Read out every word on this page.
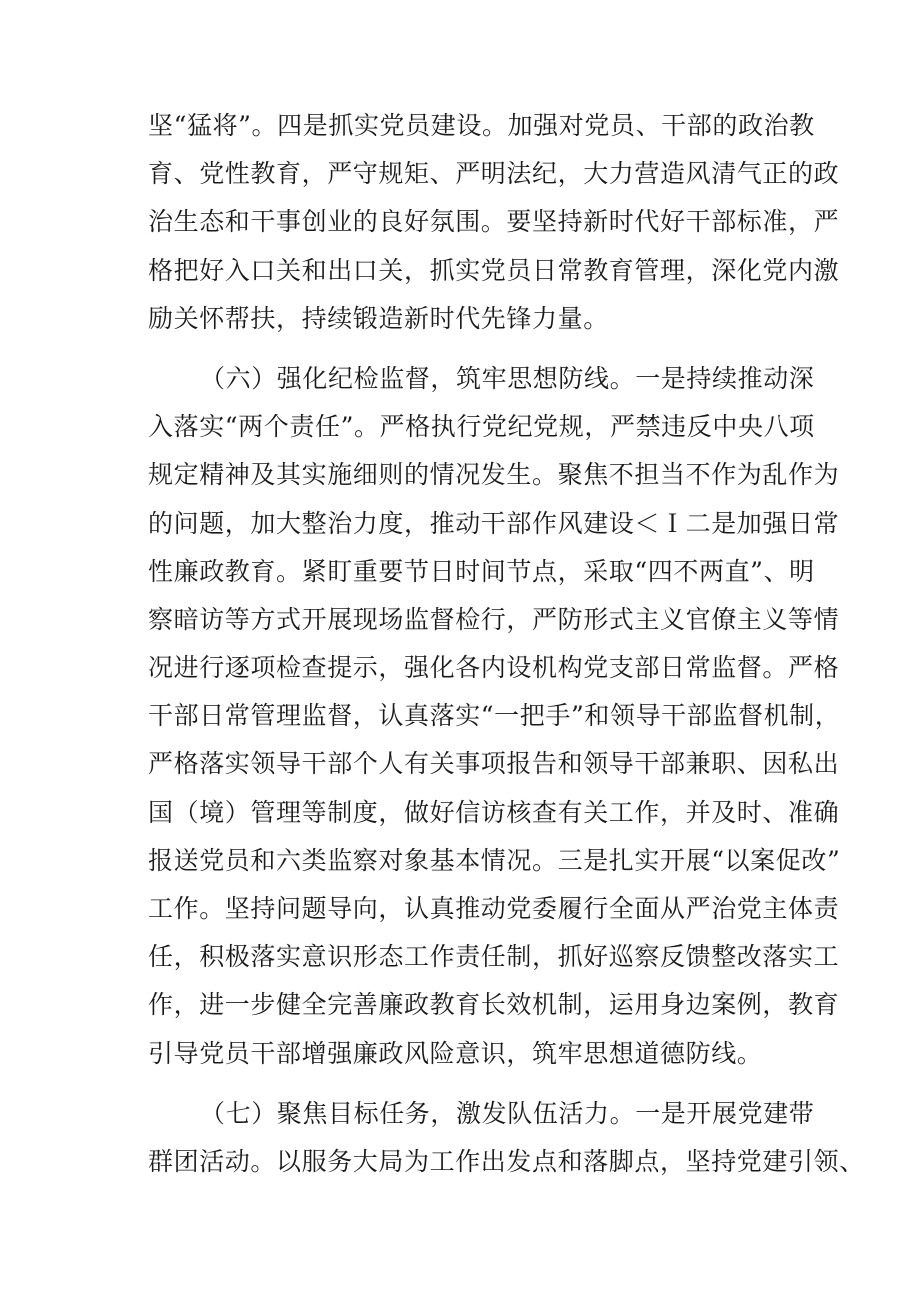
坚“猛将”。四是抓实党员建设。加强对党员、干部的政治教
育、党性教育，严守规矩、严明法纪，大力营造风清气正的政
治生态和干事创业的良好氛围。要坚持新时代好干部标准，严
格把好入口关和出口关，抓实党员日常教育管理，深化党内激
励关怀帮扶，持续锻造新时代先锋力量。
（六）强化纪检监督，筑牢思想防线。一是持续推动深
入落实“两个责任”。严格执行党纪党规，严禁违反中央八项
规定精神及其实施细则的情况发生。聚焦不担当不作为乱作为
的问题，加大整治力度，推动干部作风建设＜Ｉ二是加强日常
性廉政教育。紧盯重要节日时间节点，采取“四不两直”、明
察暗访等方式开展现场监督检行，严防形式主义官僚主义等情
况进行逐项检查提示，强化各内设机构党支部日常监督。严格
干部日常管理监督，认真落实“一把手”和领导干部监督机制，
严格落实领导干部个人有关事项报告和领导干部兼职、因私出
国（境）管理等制度，做好信访核查有关工作，并及时、准确
报送党员和六类监察对象基本情况。三是扎实开展“以案促改”
工作。坚持问题导向，认真推动党委履行全面从严治党主体责
任，积极落实意识形态工作责任制，抓好巡察反馈整改落实工
作，进一步健全完善廉政教育长效机制，运用身边案例，教育
引导党员干部增强廉政风险意识，筑牢思想道德防线。
（七）聚焦目标任务，激发队伍活力。一是开展党建带
群团活动。以服务大局为工作出发点和落脚点，坚持党建引领、
